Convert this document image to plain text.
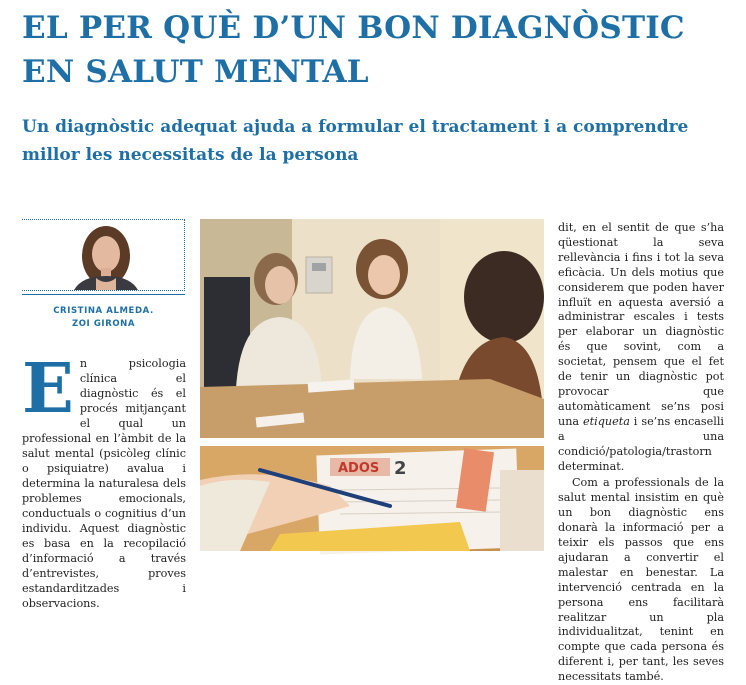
EL PER QUÈ D’UN BON DIAGNÒSTIC EN SALUT MENTAL
Un diagnòstic adequat ajuda a formular el tractament i a comprendre millor les necessitats de la persona
CRISTINA ALMEDA.
ZOI GIRONA
En psicologia clínica el diagnòstic és el procés mitjançant el qual un professional en l’àmbit de la salut mental (psicòleg clínic o psiquiatre) avalua i determina la naturalesa dels problemes emocionals, conductuals o cognitius d’un individu. Aquest diagnòstic es basa en la recopilació d’informació a través d’entrevistes, proves estandarditzades i observacions.
ADOS 2

dit, en el sentit de que s’ha qüestionat la seva rellevància i fins i tot la seva eficàcia. Un dels motius que considerem que poden haver influït en aquesta aversió a administrar escales i tests per elaborar un diagnòstic és que sovint, com a societat, pensem que el fet de tenir un diagnòstic pot provocar que automàticament se’ns posi una etiqueta i se’ns encaselli a una condició/patologia/trastorn determinat.

Com a professionals de la salut mental insistim en què un bon diagnòstic ens donarà la informació per a teixir els passos que ens ajudaran a convertir el malestar en benestar. La intervenció centrada en la persona ens facilitarà realitzar un pla individualitzat, tenint en compte que cada persona és diferent i, per tant, les seves necessitats també.
